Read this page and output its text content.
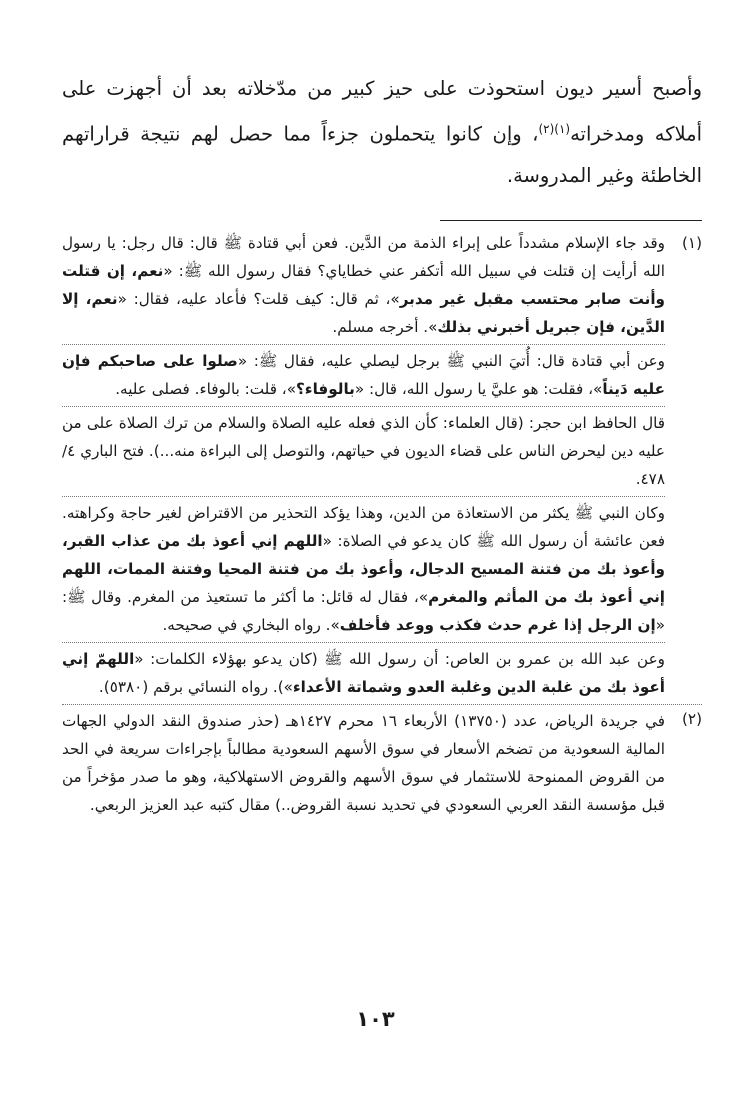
وأصبح أسير ديون استحوذت على حيز كبير من مدّخلاته بعد أن أجهزت على أملاكه ومدخراته$^{(١)(٢)}$، وإن كانوا يتحملون جزءاً مما حصل لهم نتيجة قراراتهم الخاطئة وغير المدروسة.

(١)

وقد جاء الإسلام مشدداً على إبراء الذمة من الدَّين. فعن أبي قتادة ﷺ قال: قال رجل: يا رسول الله أرأيت إن قتلت في سبيل الله أتكفر عني خطاياي؟ فقال رسول الله ﷺ: «نعم، إن قتلت وأنت صابر محتسب مقبل غير مدبر»، ثم قال: كيف قلت؟ فأعاد عليه، فقال: «نعم، إلا الدَّين، فإن جبريل أخبرني بذلك». أخرجه مسلم.

وعن أبي قتادة قال: أُتيَ النبي ﷺ برجل ليصلي عليه، فقال ﷺ: «صلوا على صاحبكم فإن عليه دَيناً»، فقلت: هو عليَّ يا رسول الله، قال: «بالوفاء؟»، قلت: بالوفاء. فصلى عليه.

قال الحافظ ابن حجر: (قال العلماء: كأن الذي فعله عليه الصلاة والسلام من ترك الصلاة على من عليه دين ليحرض الناس على قضاء الديون في حياتهم، والتوصل إلى البراءة منه...). فتح الباري ٤/ ٤٧٨.

وكان النبي ﷺ يكثر من الاستعاذة من الدين، وهذا يؤكد التحذير من الاقتراض لغير حاجة وكراهته. فعن عائشة أن رسول الله ﷺ كان يدعو في الصلاة: «اللهم إني أعوذ بك من عذاب القبر، وأعوذ بك من فتنة المسيح الدجال، وأعوذ بك من فتنة المحيا وفتنة الممات، اللهم إني أعوذ بك من المأثم والمغرم»، فقال له قائل: ما أكثر ما تستعيذ من المغرم. وقال ﷺ: «إن الرجل إذا غرم حدث فكذب ووعد فأخلف». رواه البخاري في صحيحه.

وعن عبد الله بن عمرو بن العاص: أن رسول الله ﷺ (كان يدعو بهؤلاء الكلمات: «اللهمّ إني أعوذ بك من غلبة الدين وغلبة العدو وشماتة الأعداء»). رواه النسائي برقم (٥٣٨٠).

(٢)

في جريدة الرياض، عدد (١٣٧٥٠) الأربعاء ١٦ محرم ١٤٢٧هـ (حذر صندوق النقد الدولي الجهات المالية السعودية من تضخم الأسعار في سوق الأسهم السعودية مطالباً بإجراءات سريعة في الحد من القروض الممنوحة للاستثمار في سوق الأسهم والقروض الاستهلاكية، وهو ما صدر مؤخراً من قبل مؤسسة النقد العربي السعودي في تحديد نسبة القروض..) مقال كتبه عبد العزيز الربعي.

١٠٣
